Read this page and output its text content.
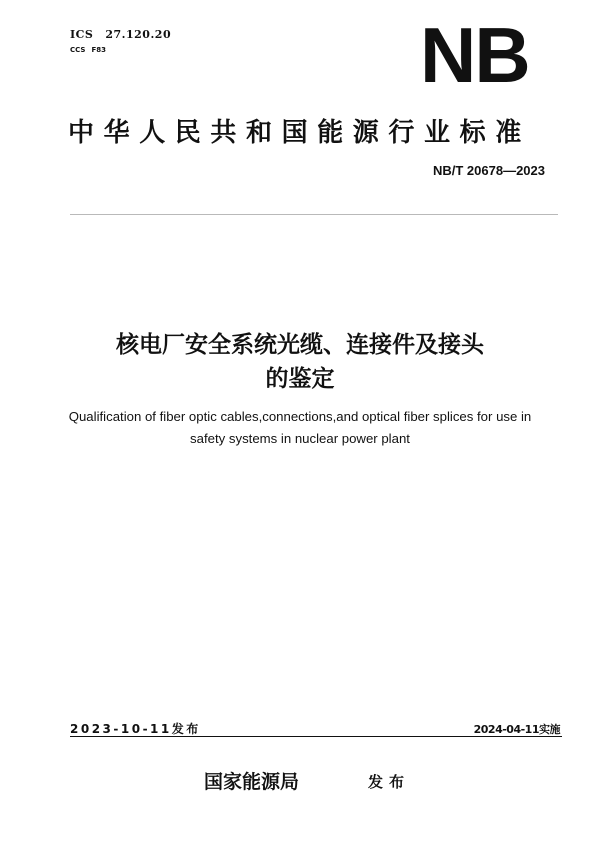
ICS 27.120.20
CCS F83	NB
中华人民共和国能源行业标准
NB/T 20678—2023
核电厂安全系统光缆、连接件及接头
的鉴定
Qualification of fiber optic cables,connections,and optical fiber splices for use in
safety systems in nuclear power plant
2023-10-11发布	2024-04-11实施
国家能源局	发布
